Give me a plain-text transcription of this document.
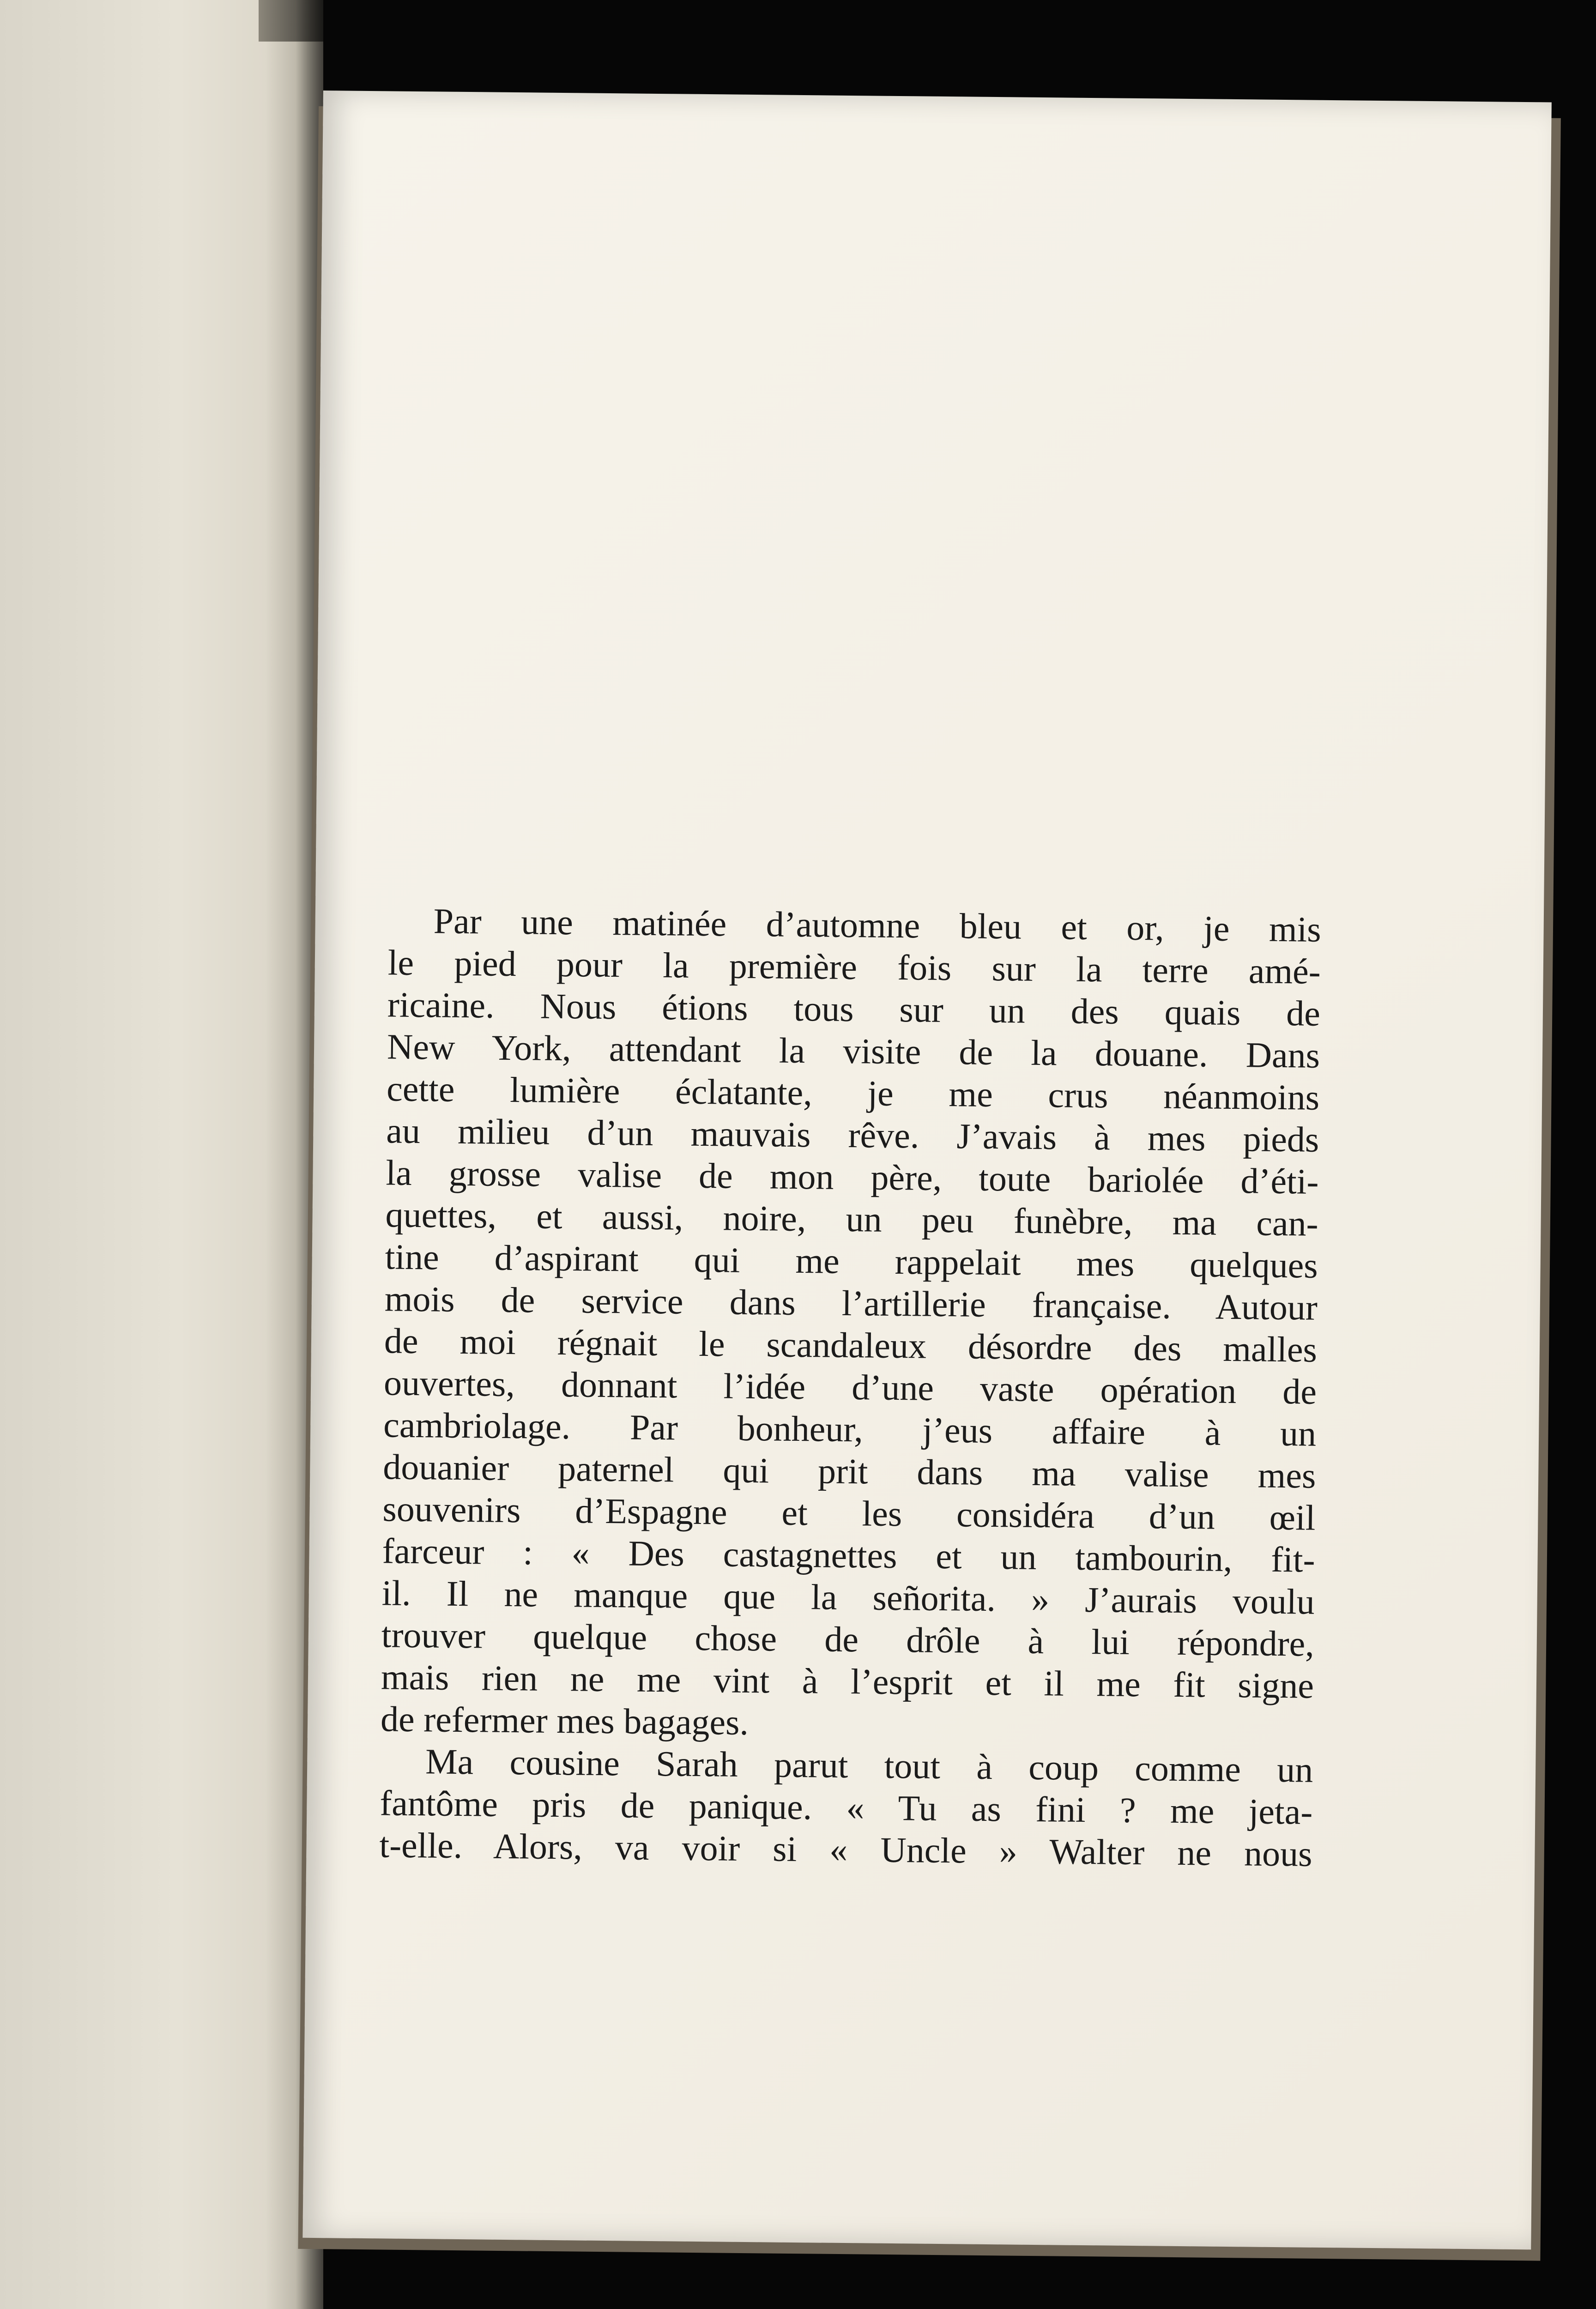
Par une matinée d’automne bleu et or, je mis
le pied pour la première fois sur la terre amé-
ricaine. Nous étions tous sur un des quais de
New York, attendant la visite de la douane. Dans
cette lumière éclatante, je me crus néanmoins
au milieu d’un mauvais rêve. J’avais à mes pieds
la grosse valise de mon père, toute bariolée d’éti-
quettes, et aussi, noire, un peu funèbre, ma can-
tine d’aspirant qui me rappelait mes quelques
mois de service dans l’artillerie française. Autour
de moi régnait le scandaleux désordre des malles
ouvertes, donnant l’idée d’une vaste opération de
cambriolage. Par bonheur, j’eus affaire à un
douanier paternel qui prit dans ma valise mes
souvenirs d’Espagne et les considéra d’un œil
farceur : « Des castagnettes et un tambourin, fit-
il. Il ne manque que la señorita. » J’aurais voulu
trouver quelque chose de drôle à lui répondre,
mais rien ne me vint à l’esprit et il me fit signe
de refermer mes bagages.
Ma cousine Sarah parut tout à coup comme un
fantôme pris de panique. « Tu as fini ? me jeta-
t-elle. Alors, va voir si « Uncle » Walter ne nous
